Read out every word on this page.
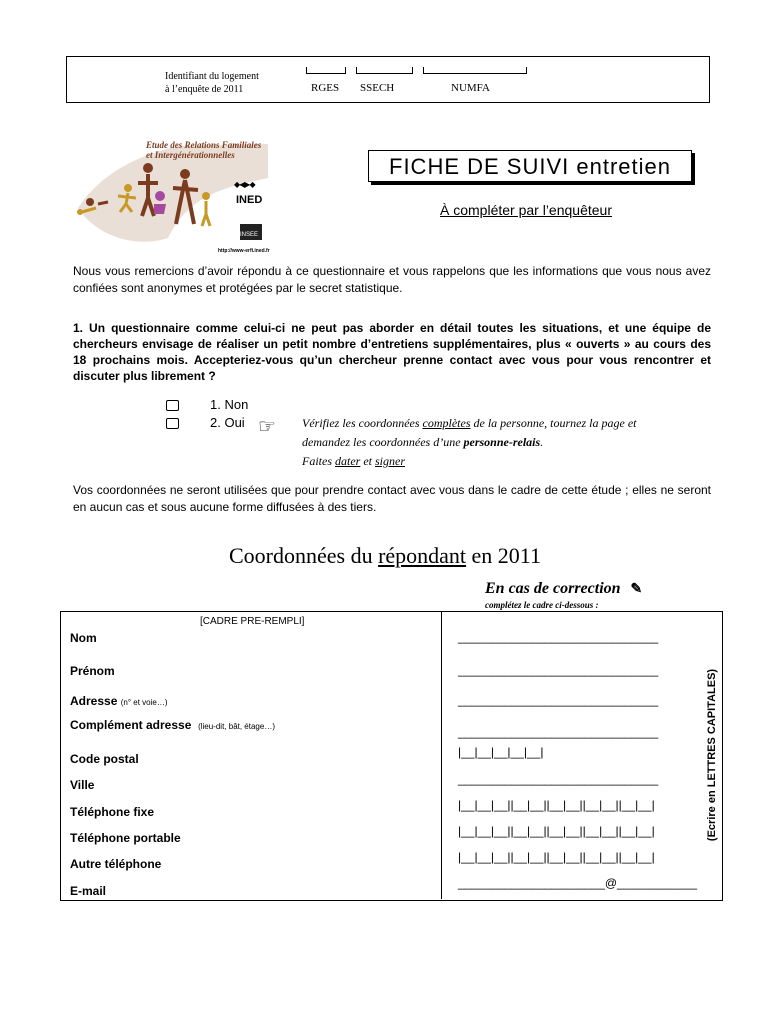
Identifiant du logement
à l’enquête de 2011	RGES SSECH	NUMFA
Etude des Relations Familiales
et Intergénérationnelles
◆◀▶◆
INED
INSEE
http://www-erfi.ined.fr
FICHE DE SUIVI entretien
À compléter par l’enquêteur
Nous vous remercions d’avoir répondu à ce questionnaire et vous rappelons que les informations que vous nous avez confiées sont anonymes et protégées par le secret statistique.
1. Un questionnaire comme celui-ci ne peut pas aborder en détail toutes les situations, et une équipe de chercheurs envisage de réaliser un petit nombre d’entretiens supplémentaires, plus « ouverts » au cours des 18 prochains mois. Accepteriez-vous qu’un chercheur prenne contact avec vous pour vous rencontrer et discuter plus librement ?
1. Non
2. Oui ☞ Vérifiez les coordonnées complètes de la personne, tournez la page et
demandez les coordonnées d’une personne-relais.
Faites dater et signer
Vos coordonnées ne seront utilisées que pour prendre contact avec vous dans le cadre de cette étude ; elles ne seront en aucun cas et sous aucune forme diffusées à des tiers.
Coordonnées du répondant en 2011
En cas de correction ✎
complétez le cadre ci-dessous :
[CADRE PRE-REMPLI]
(Ecrire en LETTRES CAPITALES)
Nom	______________________________
Prénom	______________________________
Adresse (n° et voie…)	______________________________
Complément adresse (lieu-dit, bât, étage…)	______________________________
Code postal	|__|__|__|__|__|
Ville	______________________________
Téléphone fixe	|__|__|__||__|__||__|__||__|__||__|__|
Téléphone portable	|__|__|__||__|__||__|__||__|__||__|__|
Autre téléphone	|__|__|__||__|__||__|__||__|__||__|__|
E-mail
______________________@____________
